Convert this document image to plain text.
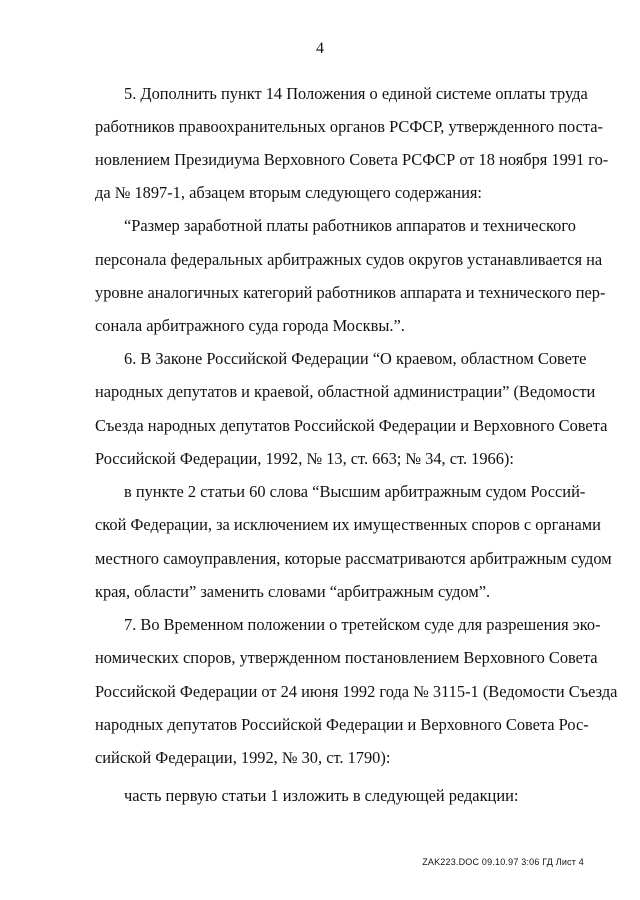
4
5. Дополнить пункт 14 Положения о единой системе оплаты труда
работников правоохранительных органов РСФСР, утвержденного поста-
новлением Президиума Верховного Совета РСФСР от 18 ноября 1991 го-
да № 1897-1, абзацем вторым следующего содержания:
“Размер заработной платы работников аппаратов и технического
персонала федеральных арбитражных судов округов устанавливается на
уровне аналогичных категорий работников аппарата и технического пер-
сонала арбитражного суда города Москвы.”.
6. В Законе Российской Федерации “О краевом, областном Совете
народных депутатов и краевой, областной администрации” (Ведомости
Съезда народных депутатов Российской Федерации и Верховного Совета
Российской Федерации, 1992, № 13, ст. 663; № 34, ст. 1966):
в пункте 2 статьи 60 слова “Высшим арбитражным судом Россий-
ской Федерации, за исключением их имущественных споров с органами
местного самоуправления, которые рассматриваются арбитражным судом
края, области” заменить словами “арбитражным судом”.
7. Во Временном положении о третейском суде для разрешения эко-
номических споров, утвержденном постановлением Верховного Совета
Российской Федерации от 24 июня 1992 года № 3115-1 (Ведомости Съезда
народных депутатов Российской Федерации и Верховного Совета Рос-
сийской Федерации, 1992, № 30, ст. 1790):
часть первую статьи 1 изложить в следующей редакции:
ZAK223.DOC 09.10.97 3:06 ГД Лист 4
